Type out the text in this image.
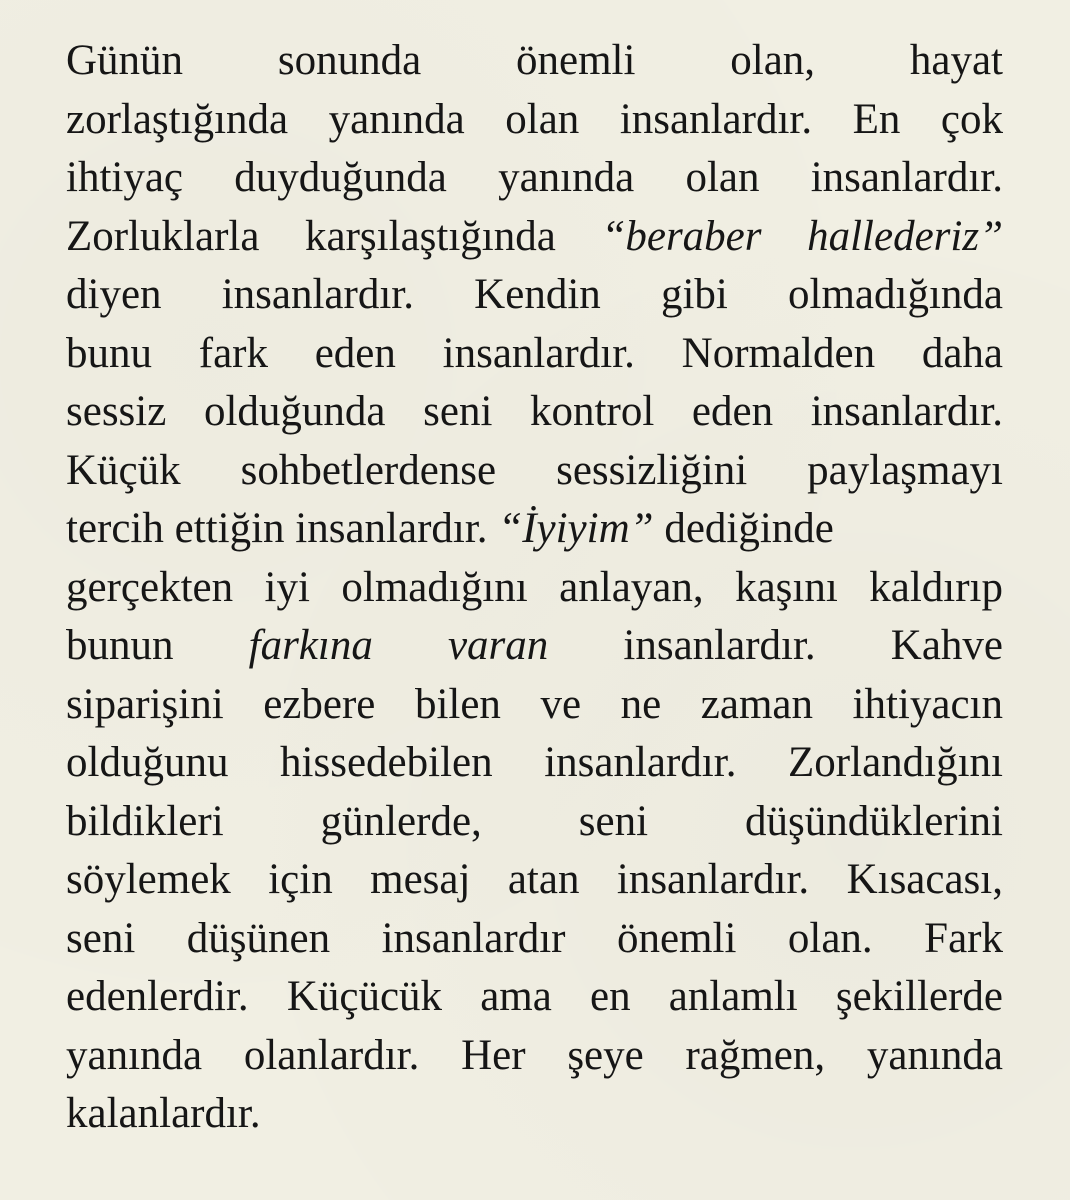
Günün sonunda önemli olan, hayat
zorlaştığında yanında olan insanlardır. En çok
ihtiyaç duyduğunda yanında olan insanlardır.
Zorluklarla karşılaştığında “beraber hallederiz”
diyen insanlardır. Kendin gibi olmadığında
bunu fark eden insanlardır. Normalden daha
sessiz olduğunda seni kontrol eden insanlardır.
Küçük sohbetlerdense sessizliğini paylaşmayı
tercih ettiğin insanlardır. “İyiyim” dediğinde
gerçekten iyi olmadığını anlayan, kaşını kaldırıp
bunun farkına varan insanlardır. Kahve
siparişini ezbere bilen ve ne zaman ihtiyacın
olduğunu hissedebilen insanlardır. Zorlandığını
bildikleri günlerde, seni düşündüklerini
söylemek için mesaj atan insanlardır. Kısacası,
seni düşünen insanlardır önemli olan. Fark
edenlerdir. Küçücük ama en anlamlı şekillerde
yanında olanlardır. Her şeye rağmen, yanında
kalanlardır.
